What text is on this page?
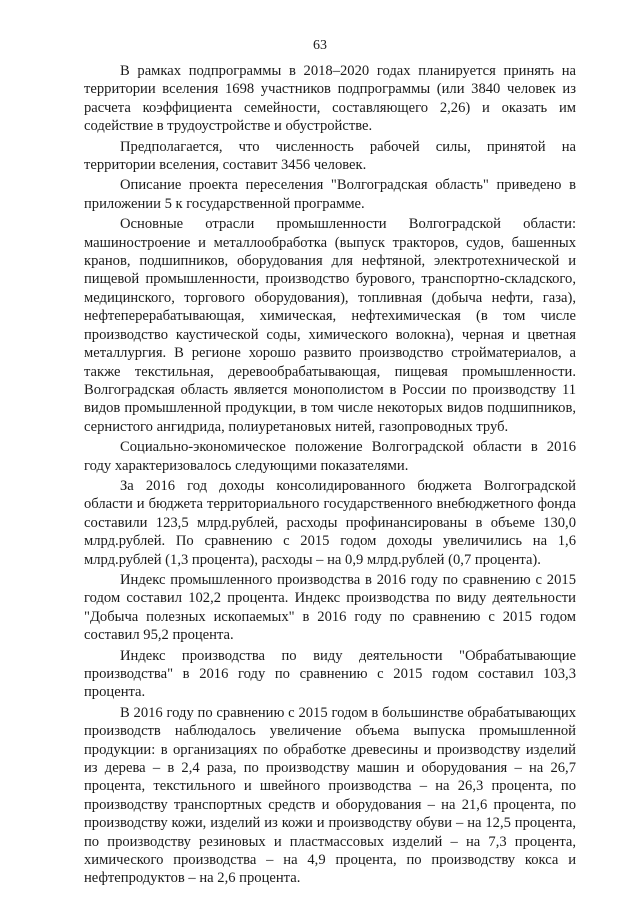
63

В рамках подпрограммы в 2018–2020 годах планируется принять на территории вселения 1698 участников подпрограммы (или 3840 человек из расчета коэффициента семейности, составляющего 2,26) и оказать им содействие в трудоустройстве и обустройстве.

Предполагается, что численность рабочей силы, принятой на территории вселения, составит 3456 человек.

Описание проекта переселения "Волгоградская область" приведено в приложении 5 к государственной программе.

Основные отрасли промышленности Волгоградской области: машиностроение и металлообработка (выпуск тракторов, судов, башенных кранов, подшипников, оборудования для нефтяной, электротехнической и пищевой промышленности, производство бурового, транспортно-складского, медицинского, торгового оборудования), топливная (добыча нефти, газа), нефтеперерабатывающая, химическая, нефтехимическая (в том числе производство каустической соды, химического волокна), черная и цветная металлургия. В регионе хорошо развито производство стройматериалов, а также текстильная, деревообрабатывающая, пищевая промышленности. Волгоградская область является монополистом в России по производству 11 видов промышленной продукции, в том числе некоторых видов подшипников, сернистого ангидрида, полиуретановых нитей, газопроводных труб.

Социально-экономическое положение Волгоградской области в 2016 году характеризовалось следующими показателями.

За 2016 год доходы консолидированного бюджета Волгоградской области и бюджета территориального государственного внебюджетного фонда составили 123,5 млрд.рублей, расходы профинансированы в объеме 130,0 млрд.рублей. По сравнению с 2015 годом доходы увеличились на 1,6 млрд.рублей (1,3 процента), расходы – на 0,9 млрд.рублей (0,7 процента).

Индекс промышленного производства в 2016 году по сравнению с 2015 годом составил 102,2 процента. Индекс производства по виду деятельности "Добыча полезных ископаемых" в 2016 году по сравнению с 2015 годом составил 95,2 процента.

Индекс производства по виду деятельности "Обрабатывающие производства" в 2016 году по сравнению с 2015 годом составил 103,3 процента.

В 2016 году по сравнению с 2015 годом в большинстве обрабатывающих производств наблюдалось увеличение объема выпуска промышленной продукции: в организациях по обработке древесины и производству изделий из дерева – в 2,4 раза, по производству машин и оборудования – на 26,7 процента, текстильного и швейного производства – на 26,3 процента, по производству транспортных средств и оборудования – на 21,6 процента, по производству кожи, изделий из кожи и производству обуви – на 12,5 процента, по производству резиновых и пластмассовых изделий – на 7,3 процента, химического производства – на 4,9 процента, по производству кокса и нефтепродуктов – на 2,6 процента.
